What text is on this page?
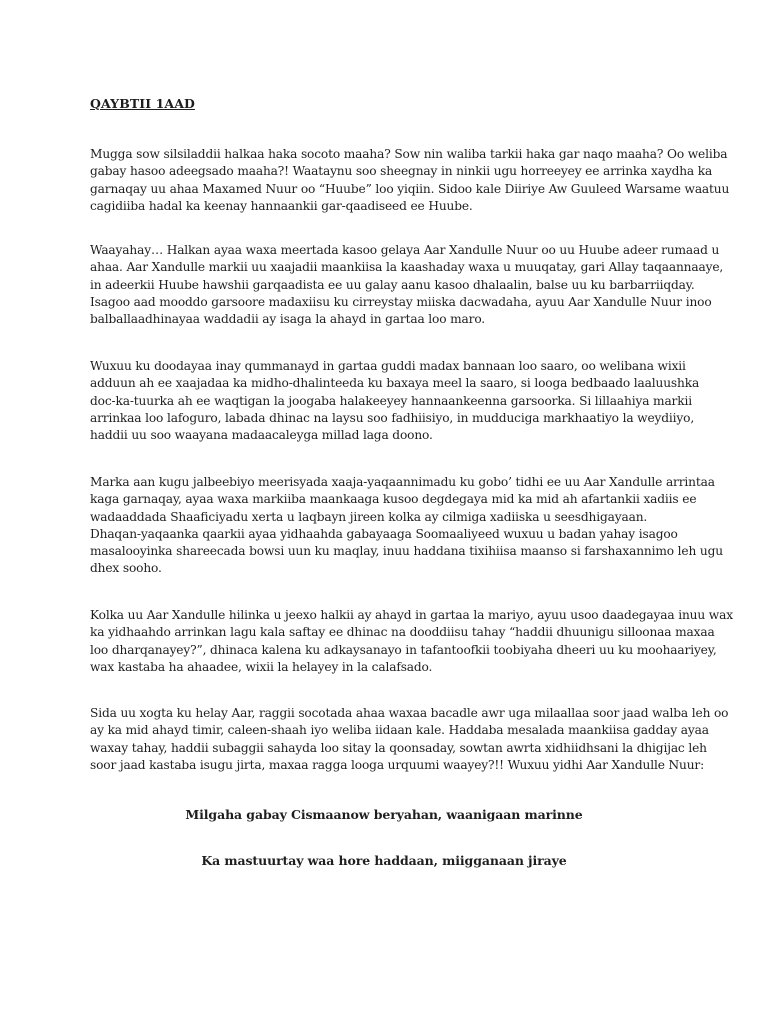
QAYBTII 1AAD
Mugga sow silsiladdii halkaa haka socoto maaha? Sow nin waliba tarkii haka gar naqo maaha? Oo weliba
gabay hasoo adeegsado maaha?! Waataynu soo sheegnay in ninkii ugu horreeyey ee arrinka xaydha ka
garnaqay uu ahaa Maxamed Nuur oo “Huube” loo yiqiin. Sidoo kale Diiriye Aw Guuleed Warsame waatuu
cagidiiba hadal ka keenay hannaankii gar-qaadiseed ee Huube.
Waayahay… Halkan ayaa waxa meertada kasoo gelaya Aar Xandulle Nuur oo uu Huube adeer rumaad u
ahaa. Aar Xandulle markii uu xaajadii maankiisa la kaashaday waxa u muuqatay, gari Allay taqaannaaye,
in adeerkii Huube hawshii garqaadista ee uu galay aanu kasoo dhalaalin, balse uu ku barbarriiqday.
Isagoo aad mooddo garsoore madaxiisu ku cirreystay miiska dacwadaha, ayuu Aar Xandulle Nuur inoo
balballaadhinayaa waddadii ay isaga la ahayd in gartaa loo maro.
Wuxuu ku doodayaa inay qummanayd in gartaa guddi madax bannaan loo saaro, oo welibana wixii
adduun ah ee xaajadaa ka midho-dhalinteeda ku baxaya meel la saaro, si looga bedbaado laaluushka
doc-ka-tuurka ah ee waqtigan la joogaba halakeeyey hannaankeenna garsoorka. Si lillaahiya markii
arrinkaa loo lafoguro, labada dhinac na laysu soo fadhiisiyo, in mudduciga markhaatiyo la weydiiyo,
haddii uu soo waayana madaacaleyga millad laga doono.
Marka aan kugu jalbeebiyo meerisyada xaaja-yaqaannimadu ku gobo’ tidhi ee uu Aar Xandulle arrintaa
kaga garnaqay, ayaa waxa markiiba maankaaga kusoo degdegaya mid ka mid ah afartankii xadiis ee
wadaaddada Shaaficiyadu xerta u laqbayn jireen kolka ay cilmiga xadiiska u seesdhigayaan.
Dhaqan-yaqaanka qaarkii ayaa yidhaahda gabayaaga Soomaaliyeed wuxuu u badan yahay isagoo
masalooyinka shareecada bowsi uun ku maqlay, inuu haddana tixihiisa maanso si farshaxannimo leh ugu
dhex sooho.
Kolka uu Aar Xandulle hilinka u jeexo halkii ay ahayd in gartaa la mariyo, ayuu usoo daadegayaa inuu wax
ka yidhaahdo arrinkan lagu kala saftay ee dhinac na dooddiisu tahay “haddii dhuunigu silloonaa maxaa
loo dharqanayey?”, dhinaca kalena ku adkaysanayo in tafantoofkii toobiyaha dheeri uu ku moohaariyey,
wax kastaba ha ahaadee, wixii la helayey in la calafsado.
Sida uu xogta ku helay Aar, raggii socotada ahaa waxaa bacadle awr uga milaallaa soor jaad walba leh oo
ay ka mid ahayd timir, caleen-shaah iyo weliba iidaan kale. Haddaba mesalada maankiisa gadday ayaa
waxay tahay, haddii subaggii sahayda loo sitay la qoonsaday, sowtan awrta xidhiidhsani la dhigijac leh
soor jaad kastaba isugu jirta, maxaa ragga looga urquumi waayey?!! Wuxuu yidhi Aar Xandulle Nuur:

Milgaha gabay Cismaanow beryahan, waanigaan marinne

Ka mastuurtay waa hore haddaan, miigganaan jiraye
